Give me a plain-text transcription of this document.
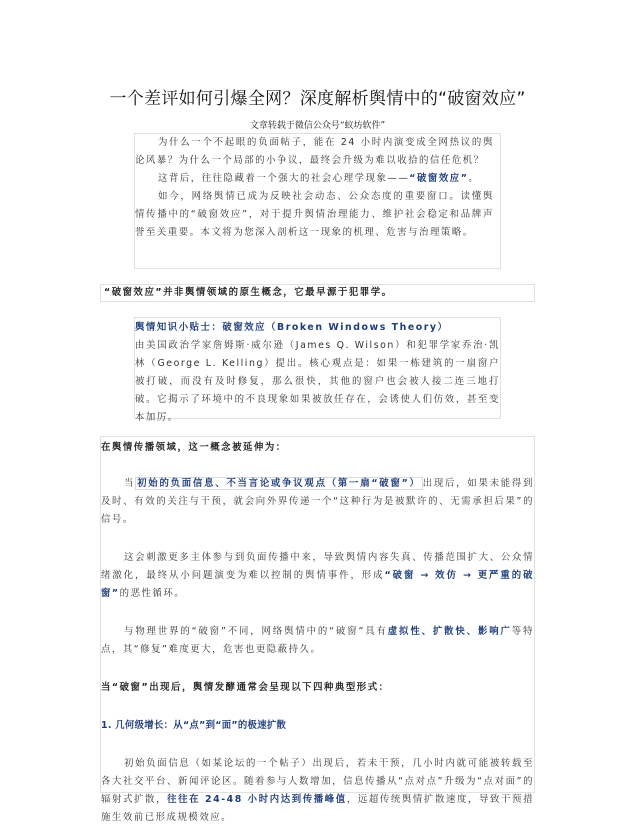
一个差评如何引爆全网？深度解析舆情中的“破窗效应”
文章转载于微信公众号“蚁坊软件”

为什么一个不起眼的负面帖子，能在 24 小时内演变成全网热议的舆论风暴？为什么一个局部的小争议，最终会升级为难以收拾的信任危机？

这背后，往往隐藏着一个强大的社会心理学现象——“破窗效应”。

如今，网络舆情已成为反映社会动态、公众态度的重要窗口。读懂舆情传播中的“破窗效应”，对于提升舆情治理能力、维护社会稳定和品牌声誉至关重要。本文将为您深入剖析这一现象的机理、危害与治理策略。

“破窗效应”并非舆情领域的原生概念，它最早源于犯罪学。

舆情知识小贴士：破窗效应（Broken Windows Theory）

由美国政治学家詹姆斯·威尔逊（James Q. Wilson）和犯罪学家乔治·凯林（George L. Kelling）提出。核心观点是：如果一栋建筑的一扇窗户被打破，而没有及时修复，那么很快，其他的窗户也会被人接二连三地打破。它揭示了环境中的不良现象如果被放任存在，会诱使人们仿效，甚至变本加厉。

在舆情传播领域，这一概念被延伸为：

当 初始的负面信息、不当言论或争议观点（第一扇“破窗”） 出现后，如果未能得到及时、有效的关注与干预，就会向外界传递一个“这种行为是被默许的、无需承担后果”的信号。

这会刺激更多主体参与到负面传播中来，导致舆情内容失真、传播范围扩大、公众情绪激化，最终从小问题演变为难以控制的舆情事件，形成“破窗 → 效仿 → 更严重的破窗”的恶性循环。

与物理世界的“破窗”不同，网络舆情中的“破窗”具有虚拟性、扩散快、影响广等特点，其“修复”难度更大，危害也更隐蔽持久。

当“破窗”出现后，舆情发酵通常会呈现以下四种典型形式：

1. 几何级增长：从“点”到“面”的极速扩散

初始负面信息（如某论坛的一个帖子）出现后，若未干预，几小时内就可能被转载至各大社交平台、新闻评论区。随着参与人数增加，信息传播从“点对点”升级为“点对面”的辐射式扩散，往往在 24-48 小时内达到传播峰值，远超传统舆情扩散速度，导致干预措施生效前已形成规模效应。
